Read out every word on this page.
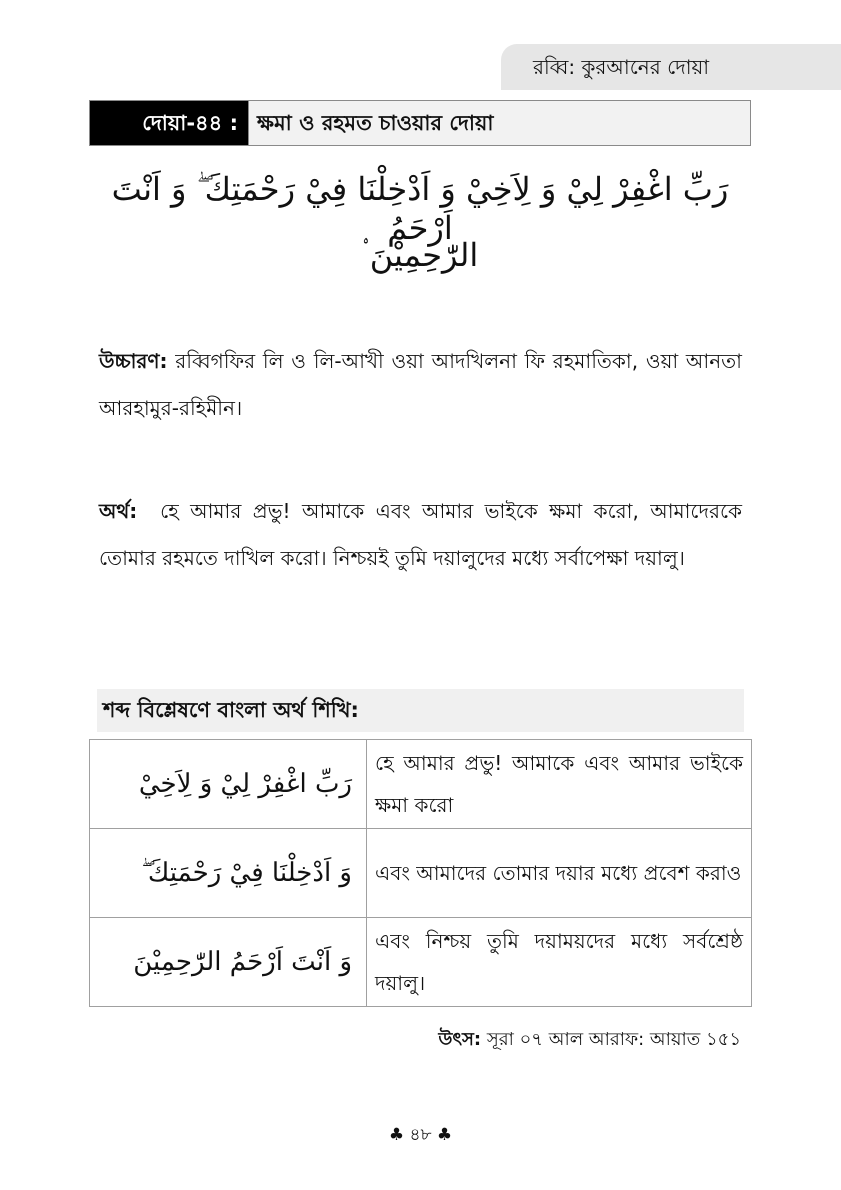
রব্বি: কুরআনের দোয়া
দোয়া-৪৪ : ক্ষমা ও রহমত চাওয়ার দোয়া
رَبِّ اغْفِرْ لِيْ وَ لِاَخِيْ وَ اَدْخِلْنَا فِيْ رَحْمَتِكَ ۖ وَ اَنْتَ اَرْحَمُ
الرّٰحِمِيْنَ ۟
উচ্চারণ: রব্বিগফির লি ও লি-আখী ওয়া আদখিলনা ফি রহমাতিকা, ওয়া আনতা আরহামুর-রহিমীন।
অর্থ: হে আমার প্রভু! আমাকে এবং আমার ভাইকে ক্ষমা করো, আমাদেরকে তোমার রহমতে দাখিল করো। নিশ্চয়ই তুমি দয়ালুদের মধ্যে সর্বাপেক্ষা দয়ালু।
শব্দ বিশ্লেষণে বাংলা অর্থ শিখি:
رَبِّ اغْفِرْ لِيْ وَ لِاَخِيْ	হে আমার প্রভু! আমাকে এবং আমার ভাইকে ক্ষমা করো
وَ اَدْخِلْنَا فِيْ رَحْمَتِكَ ۖ	এবং আমাদের তোমার দয়ার মধ্যে প্রবেশ করাও
وَ اَنْتَ اَرْحَمُ الرّٰحِمِيْنَ	এবং নিশ্চয় তুমি দয়াময়দের মধ্যে সর্বশ্রেষ্ঠ দয়ালু।
উৎস: সূরা ০৭ আল আরাফ: আয়াত ১৫১
♣ ৪৮ ♣
